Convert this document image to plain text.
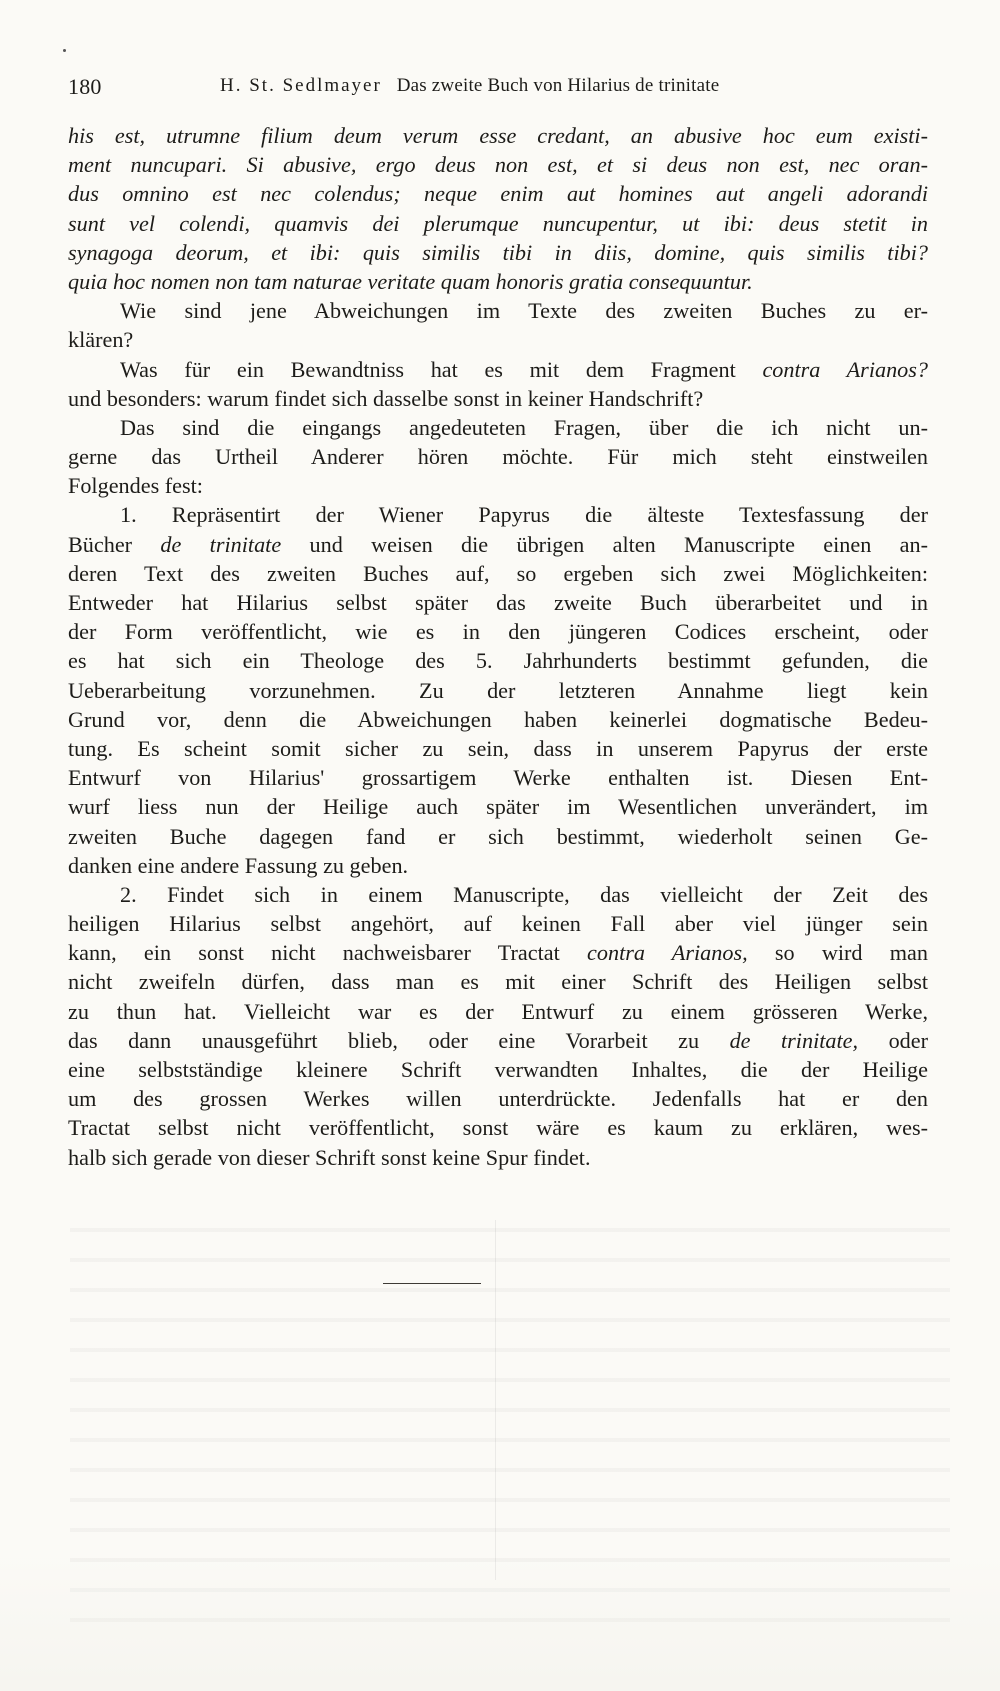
180	H. St. Sedlmayer Das zweite Buch von Hilarius de trinitate
his est, utrumne filium deum verum esse credant, an abusive hoc eum existi-
ment nuncupari. Si abusive, ergo deus non est, et si deus non est, nec oran-
dus omnino est nec colendus; neque enim aut homines aut angeli adorandi
sunt vel colendi, quamvis dei plerumque nuncupentur, ut ibi: deus stetit in
synagoga deorum, et ibi: quis similis tibi in diis, domine, quis similis tibi?
quia hoc nomen non tam naturae veritate quam honoris gratia consequuntur.
Wie sind jene Abweichungen im Texte des zweiten Buches zu er-
klären?
Was für ein Bewandtniss hat es mit dem Fragment contra Arianos?
und besonders: warum findet sich dasselbe sonst in keiner Handschrift?
Das sind die eingangs angedeuteten Fragen, über die ich nicht un-
gerne das Urtheil Anderer hören möchte. Für mich steht einstweilen
Folgendes fest:
1. Repräsentirt der Wiener Papyrus die älteste Textesfassung der
Bücher de trinitate und weisen die übrigen alten Manuscripte einen an-
deren Text des zweiten Buches auf, so ergeben sich zwei Möglichkeiten:
Entweder hat Hilarius selbst später das zweite Buch überarbeitet und in
der Form veröffentlicht, wie es in den jüngeren Codices erscheint, oder
es hat sich ein Theologe des 5. Jahrhunderts bestimmt gefunden, die
Ueberarbeitung vorzunehmen. Zu der letzteren Annahme liegt kein
Grund vor, denn die Abweichungen haben keinerlei dogmatische Bedeu-
tung. Es scheint somit sicher zu sein, dass in unserem Papyrus der erste
Entwurf von Hilarius' grossartigem Werke enthalten ist. Diesen Ent-
wurf liess nun der Heilige auch später im Wesentlichen unverändert, im
zweiten Buche dagegen fand er sich bestimmt, wiederholt seinen Ge-
danken eine andere Fassung zu geben.
2. Findet sich in einem Manuscripte, das vielleicht der Zeit des
heiligen Hilarius selbst angehört, auf keinen Fall aber viel jünger sein
kann, ein sonst nicht nachweisbarer Tractat contra Arianos, so wird man
nicht zweifeln dürfen, dass man es mit einer Schrift des Heiligen selbst
zu thun hat. Vielleicht war es der Entwurf zu einem grösseren Werke,
das dann unausgeführt blieb, oder eine Vorarbeit zu de trinitate, oder
eine selbstständige kleinere Schrift verwandten Inhaltes, die der Heilige
um des grossen Werkes willen unterdrückte. Jedenfalls hat er den
Tractat selbst nicht veröffentlicht, sonst wäre es kaum zu erklären, wes-
halb sich gerade von dieser Schrift sonst keine Spur findet.
